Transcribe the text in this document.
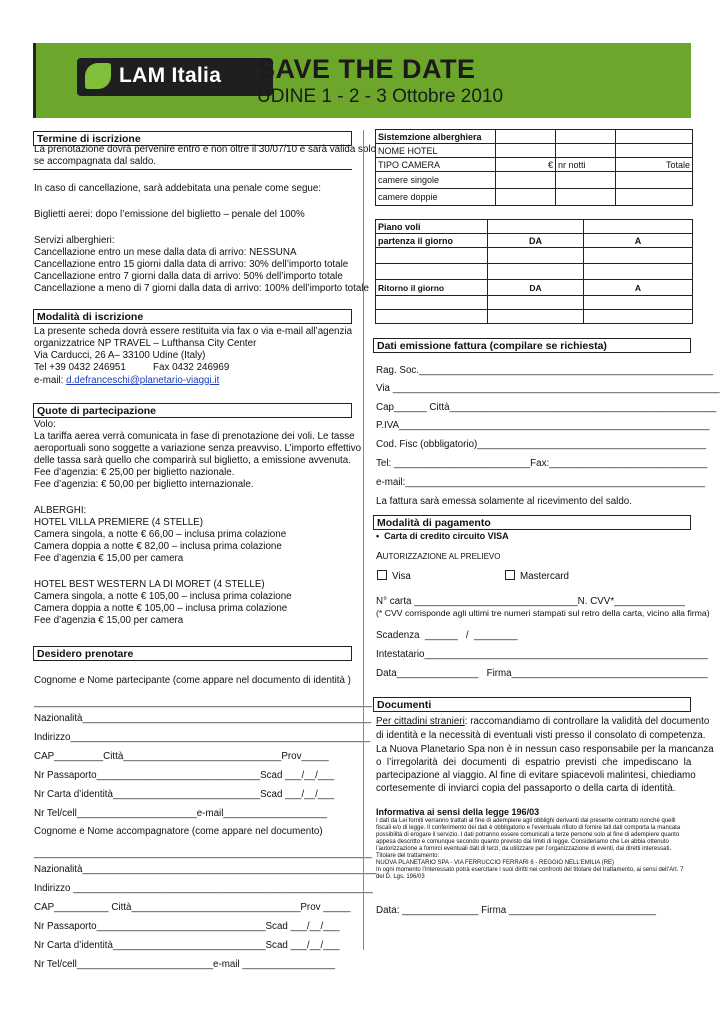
LAM Italia SAVE THE DATE
UDINE 1 - 2 - 3 Ottobre 2010
Termine di iscrizione
La prenotazione dovrà pervenire entro e non oltre il 30/07/10 e sarà valida solo
se accompagnata dal saldo.
In caso di cancellazione, sarà addebitata una penale come segue:
Biglietti aerei: dopo l’emissione del biglietto – penale del 100%
Servizi alberghieri:
Cancellazione entro un mese dalla data di arrivo: NESSUNA
Cancellazione entro 15 giorni dalla data di arrivo: 30% dell’importo totale
Cancellazione entro 7 giorni dalla data di arrivo: 50% dell’importo totale
Cancellazione a meno di 7 giorni dalla data di arrivo: 100% dell’importo totale
Modalità di iscrizione
La presente scheda dovrà essere restituita via fax o via e-mail all’agenzia
organizzatrice NP TRAVEL – Lufthansa City Center
Via Carducci, 26 A– 33100 Udine (Italy)
Tel +39 0432 246951          Fax 0432 246969
e-mail: d.defranceschi@planetario-viaggi.it
Quote di partecipazione
Volo:
La tariffa aerea verrà comunicata in fase di prenotazione dei voli. Le tasse
aeroportuali sono soggette a variazione senza preavviso. L’importo effettivo
delle tassa sarà quello che comparirà sul biglietto, a emissione avvenuta.
Fee d’agenzia: € 25,00 per biglietto nazionale.
Fee d’agenzia: € 50,00 per biglietto internazionale.
ALBERGHI:
HOTEL VILLA PREMIERE (4 STELLE)
Camera singola, a notte € 66,00 – inclusa prima colazione
Camera doppia a notte € 82,00 – inclusa prima colazione
Fee d’agenzia € 15,00 per camera
HOTEL BEST WESTERN LA DI MORET (4 STELLE)
Camera singola, a notte € 105,00 – inclusa prima colazione
Camera doppia a notte € 105,00 – inclusa prima colazione
Fee d’agenzia € 15,00 per camera
Desidero prenotare
Cognome e Nome partecipante (come appare nel documento di identità )
______________________________________________________________
Nazionalità_____________________________________________________
Indirizzo_______________________________________________________
CAP_________Città_____________________________Prov_____
Nr Passaporto______________________________Scad ___/__/___
Nr Carta d’identità___________________________Scad ___/__/___
Nr Tel/cell______________________e-mail___________________
Cognome e Nome accompagnatore (come appare nel documento)
______________________________________________________________
Nazionalità______________________________________________________
Indirizzo _______________________________________________________
CAP__________ Città_______________________________Prov _____
Nr Passaporto_______________________________Scad ___/__/___
Nr Carta d’identità____________________________Scad ___/__/___
Nr Tel/cell_________________________e-mail _________________
Sistemzione alberghiera			
NOME HOTEL			
TIPO CAMERA	€	nr notti	Totale
camere singole			
camere doppie			
Piano voli		
partenza il giorno	DA	A

Ritorno il giorno	DA	A

Dati emissione fattura (compilare se richiesta)
Rag. Soc.______________________________________________________
Via ____________________________________________________________
Cap______ Città_________________________________________________
P.IVA_________________________________________________________
Cod. Fisc (obbligatorio)__________________________________________
Tel: _________________________Fax:_____________________________
e-mail:_______________________________________________________
La fattura sarà emessa solamente al ricevimento del saldo.
Modalità di pagamento
•  Carta di credito circuito VISA
AUTORIZZAZIONE AL PRELIEVO
Visa	Mastercard
N° carta ______________________________N. CVV*_____________
(* CVV corrisponde agli ultimi tre numeri stampati sul retro della carta, vicino alla firma)
Scadenza  ______   /  ________
Intestatario____________________________________________________
Data_______________   Firma____________________________________
Documenti
Per cittadini stranieri: raccomandiamo di controllare la validità del documento
di identità e la necessità di eventuali visti presso il consolato di competenza.
La Nuova Planetario Spa non è in nessun caso responsabile per la mancanza
o  l’irregolarità  dei  documenti  di  espatrio  previsti  che  impediscano  la
partecipazione al viaggio. Al fine di evitare spiacevoli malintesi, chiediamo
cortesemente di inviarci copia del passaporto o della carta di identità.
Informativa ai sensi della legge 196/03
I dati da Lei forniti verranno trattati al fine di adempiere agli obblighi derivanti dal presente contratto nonché quelli
fiscali e/o di legge. Il conferimento dei dati è obbligatorio e l’eventuale rifiuto di fornire tali dati comporta la mancata
possibilità di erogare il servizio. I dati potranno essere comunicati a terze persone solo al fine di adempiere quanto
appesa descritto e comunque secondo quanto previsto dai limiti di legge. Consideriamo che Lei abbia ottenuto
l’autorizzazione a fornirci eventuali dati di terzi, da utilizzare per l’organizzazione di eventi, dai diretti interessati.
Titolare del trattamento:
NUOVA PLANETARIO SPA - VIA FERRUCCIO FERRARI 6 - REGGIO NELL’EMILIA (RE)
In ogni momento l’interessato potrà esercitare i suoi diritti nei confronti del titolare del trattamento, ai sensi dell’Art. 7
del D. Lgs. 196/03
Data: ______________ Firma ___________________________
